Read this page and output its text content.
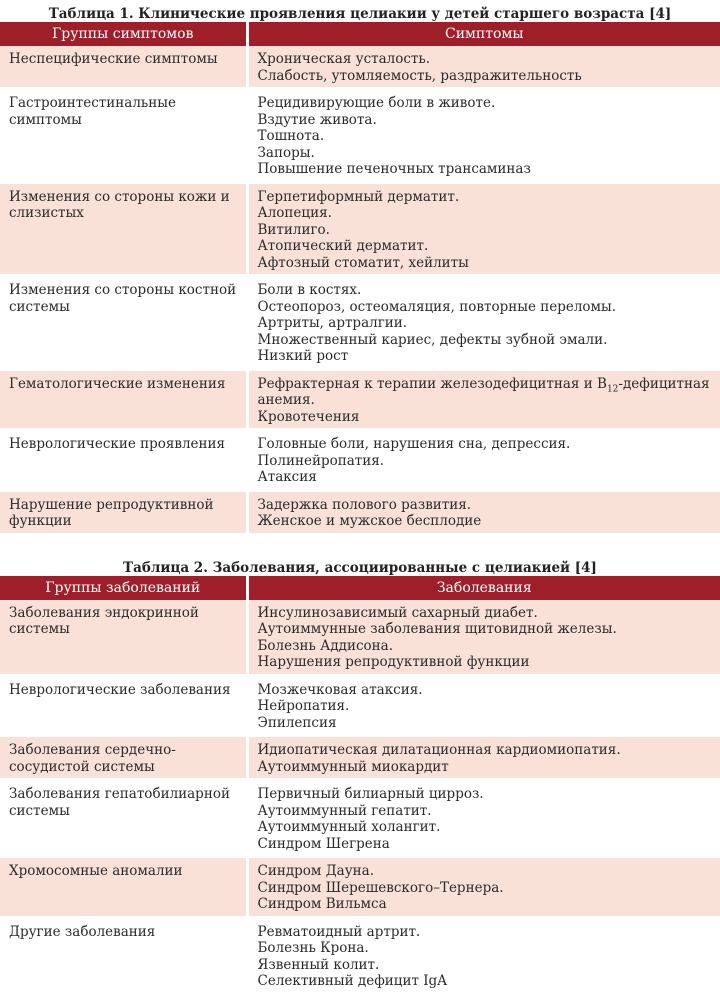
Таблица 1. Клинические проявления целиакии у детей старшего возраста [4]
Группы симптомов	Симптомы
Неспецифические симптомы	Хроническая усталость.
Слабость, утомляемость, раздражительность

Гастроинтестинальные симптомы	Рецидивирующие боли в животе.
Вздутие живота.
Тошнота.
Запоры.
Повышение печеночных трансаминаз

Изменения со стороны кожи и слизистых	Герпетиформный дерматит.
Алопеция.
Витилиго.
Атопический дерматит.
Афтозный стоматит, хейлиты

Изменения со стороны костной системы	Боли в костях.
Остеопороз, остеомаляция, повторные переломы.
Артриты, артралгии.
Множественный кариес, дефекты зубной эмали.
Низкий рост

Гематологические изменения	Рефрактерная к терапии железодефицитная и $B_{12}$-дефицитная анемия.
Кровотечения

Неврологические проявления	Головные боли, нарушения сна, депрессия.
Полинейропатия.
Атаксия

Нарушение репродуктивной функции	Задержка полового развития.
Женское и мужское бесплодие
Таблица 2. Заболевания, ассоциированные с целиакией [4]
Группы заболеваний	Заболевания
Заболевания эндокринной системы	Инсулинозависимый сахарный диабет.
Аутоиммунные заболевания щитовидной железы.
Болезнь Аддисона.
Нарушения репродуктивной функции

Неврологические заболевания	Мозжечковая атаксия.
Нейропатия.
Эпилепсия

Заболевания сердечно-сосудистой системы	Идиопатическая дилатационная кардиомиопатия.
Аутоиммунный миокардит

Заболевания гепатобилиарной системы	Первичный билиарный цирроз.
Аутоиммунный гепатит.
Аутоиммунный холангит.
Синдром Шегрена

Хромосомные аномалии	Синдром Дауна.
Синдром Шерешевского–Тернера.
Синдром Вильмса

Другие заболевания	Ревматоидный артрит.
Болезнь Крона.
Язвенный колит.
Селективный дефицит IgA
